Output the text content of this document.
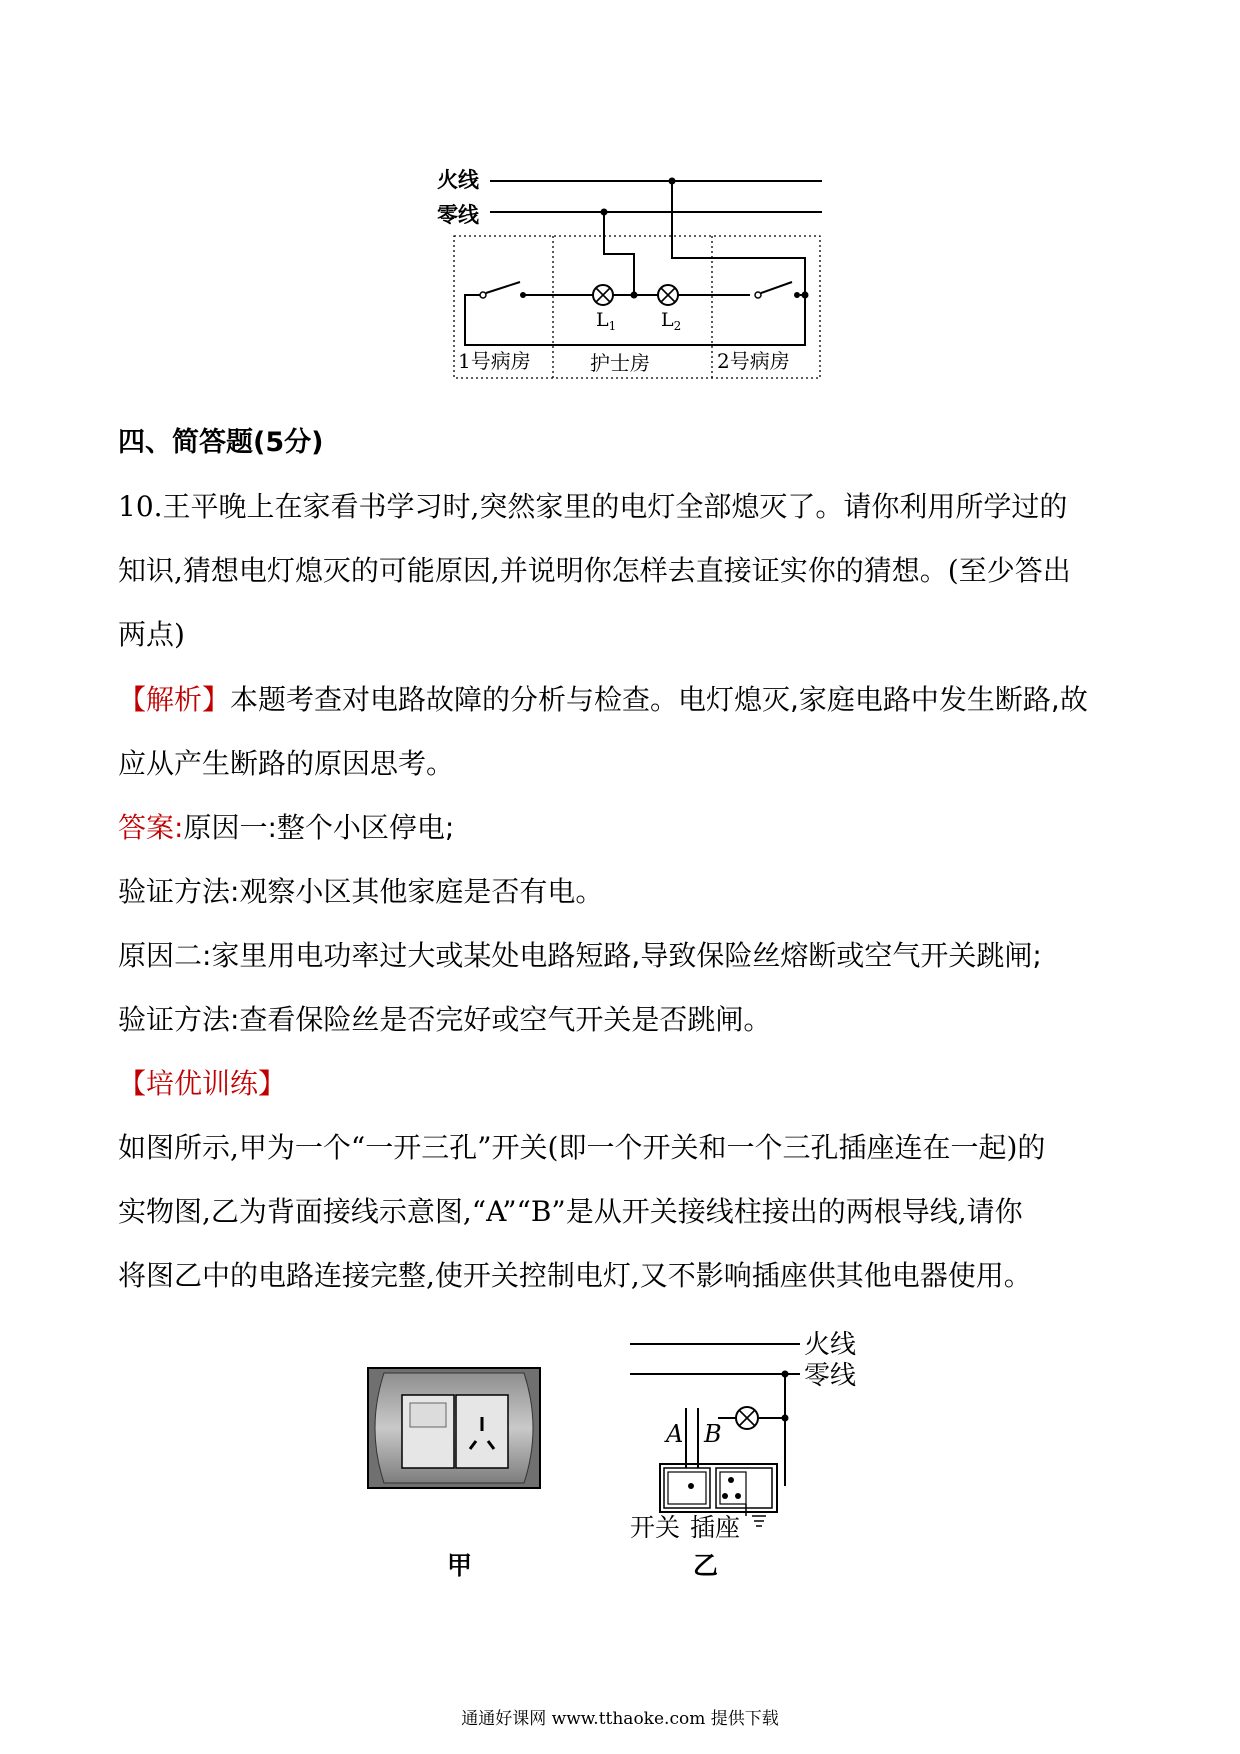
火线
零线
$L_1$ $L_2$
1号病房	护士房	2号病房
四、简答题(5分)
10.王平晚上在家看书学习时,突然家里的电灯全部熄灭了。请你利用所学过的
知识,猜想电灯熄灭的可能原因,并说明你怎样去直接证实你的猜想。(至少答出
两点)
【解析】本题考查对电路故障的分析与检查。电灯熄灭,家庭电路中发生断路,故
应从产生断路的原因思考。
答案:原因一:整个小区停电;
验证方法:观察小区其他家庭是否有电。
原因二:家里用电功率过大或某处电路短路,导致保险丝熔断或空气开关跳闸;
验证方法:查看保险丝是否完好或空气开关是否跳闸。
【培优训练】
如图所示,甲为一个“一开三孔”开关(即一个开关和一个三孔插座连在一起)的
实物图,乙为背面接线示意图,“A”“B”是从开关接线柱接出的两根导线,请你
将图乙中的电路连接完整,使开关控制电灯,又不影响插座供其他电器使用。
甲
火线
零线
A B
开关 插座
乙
通通好课网 www.tthaoke.com 提供下载
